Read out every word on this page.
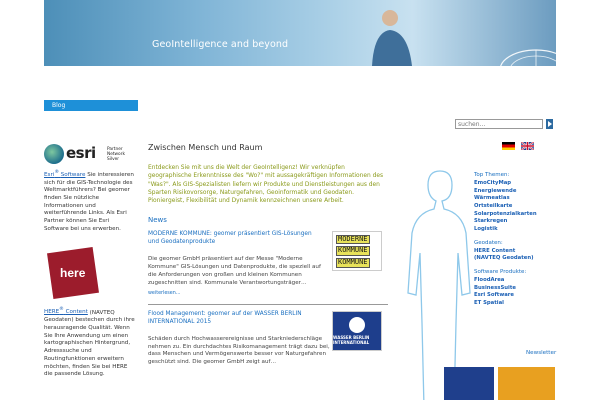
GeoIntelligence and beyond
Blog
suchen...
esri	Partner Network Silver
Esri® Software Sie interessieren sich für die GIS-Technologie des Weltmarktführers? Bei geomer finden Sie nützliche Informationen und weiterführende Links. Als Esri Partner können Sie Esri Software bei uns erwerben.
here
HERE® Content (NAVTEQ Geodaten) bestechen durch ihre herausragende Qualität. Wenn Sie Ihre Anwendung um einen kartographischen Hintergrund, Adresssuche und Routingfunktionen erweitern möchten, finden Sie bei HERE die passende Lösung.
Zwischen Mensch und Raum

Entdecken Sie mit uns die Welt der GeoIntelligenz! Wir verknüpfen geographische Erkenntnisse des "Wo?" mit aussagekräftigen Informationen des "Was?". Als GIS-Spezialisten liefern wir Produkte und Dienstleistungen aus den Sparten Risikovorsorge, Naturgefahren, Geoinformatik und Geodaten.

Pioniergeist, Flexibilität und Dynamik kennzeichnen unsere Arbeit.

News
MODERNE KOMMUNE: geomer präsentiert GIS-Lösungen und Geodatenprodukte
Die geomer GmbH präsentiert auf der Messe "Moderne Kommune" GIS-Lösungen und Datenprodukte, die speziell auf die Anforderungen von großen und kleinen Kommunen zugeschnitten sind. Kommunale Verantwortungsträger…
weiterlesen…
MODERNE
KOMMUNE
KOMMUNE
Flood Management: geomer auf der WASSER BERLIN INTERNATIONAL 2015
Schäden durch Hochwasserereignisse und Starkniederschläge nehmen zu. Ein durchdachtes Risikomanagement trägt dazu bei, dass Menschen und Vermögenswerte besser vor Naturgefahren geschützt sind. Die geomer GmbH zeigt auf…
WASSER BERLIN INTERNATIONAL
Top Themen:
EmoCityMap
Energiewende
Wärmeatlas
Ortsteilkarte
Solarpotenzialkarten
Starkregen
Logistik
Geodaten:
HERE Content
(NAVTEQ Geodaten)
Software Produkte:
FloodArea
BusinessSuite
Esri Software
ET Spatial
Newsletter
